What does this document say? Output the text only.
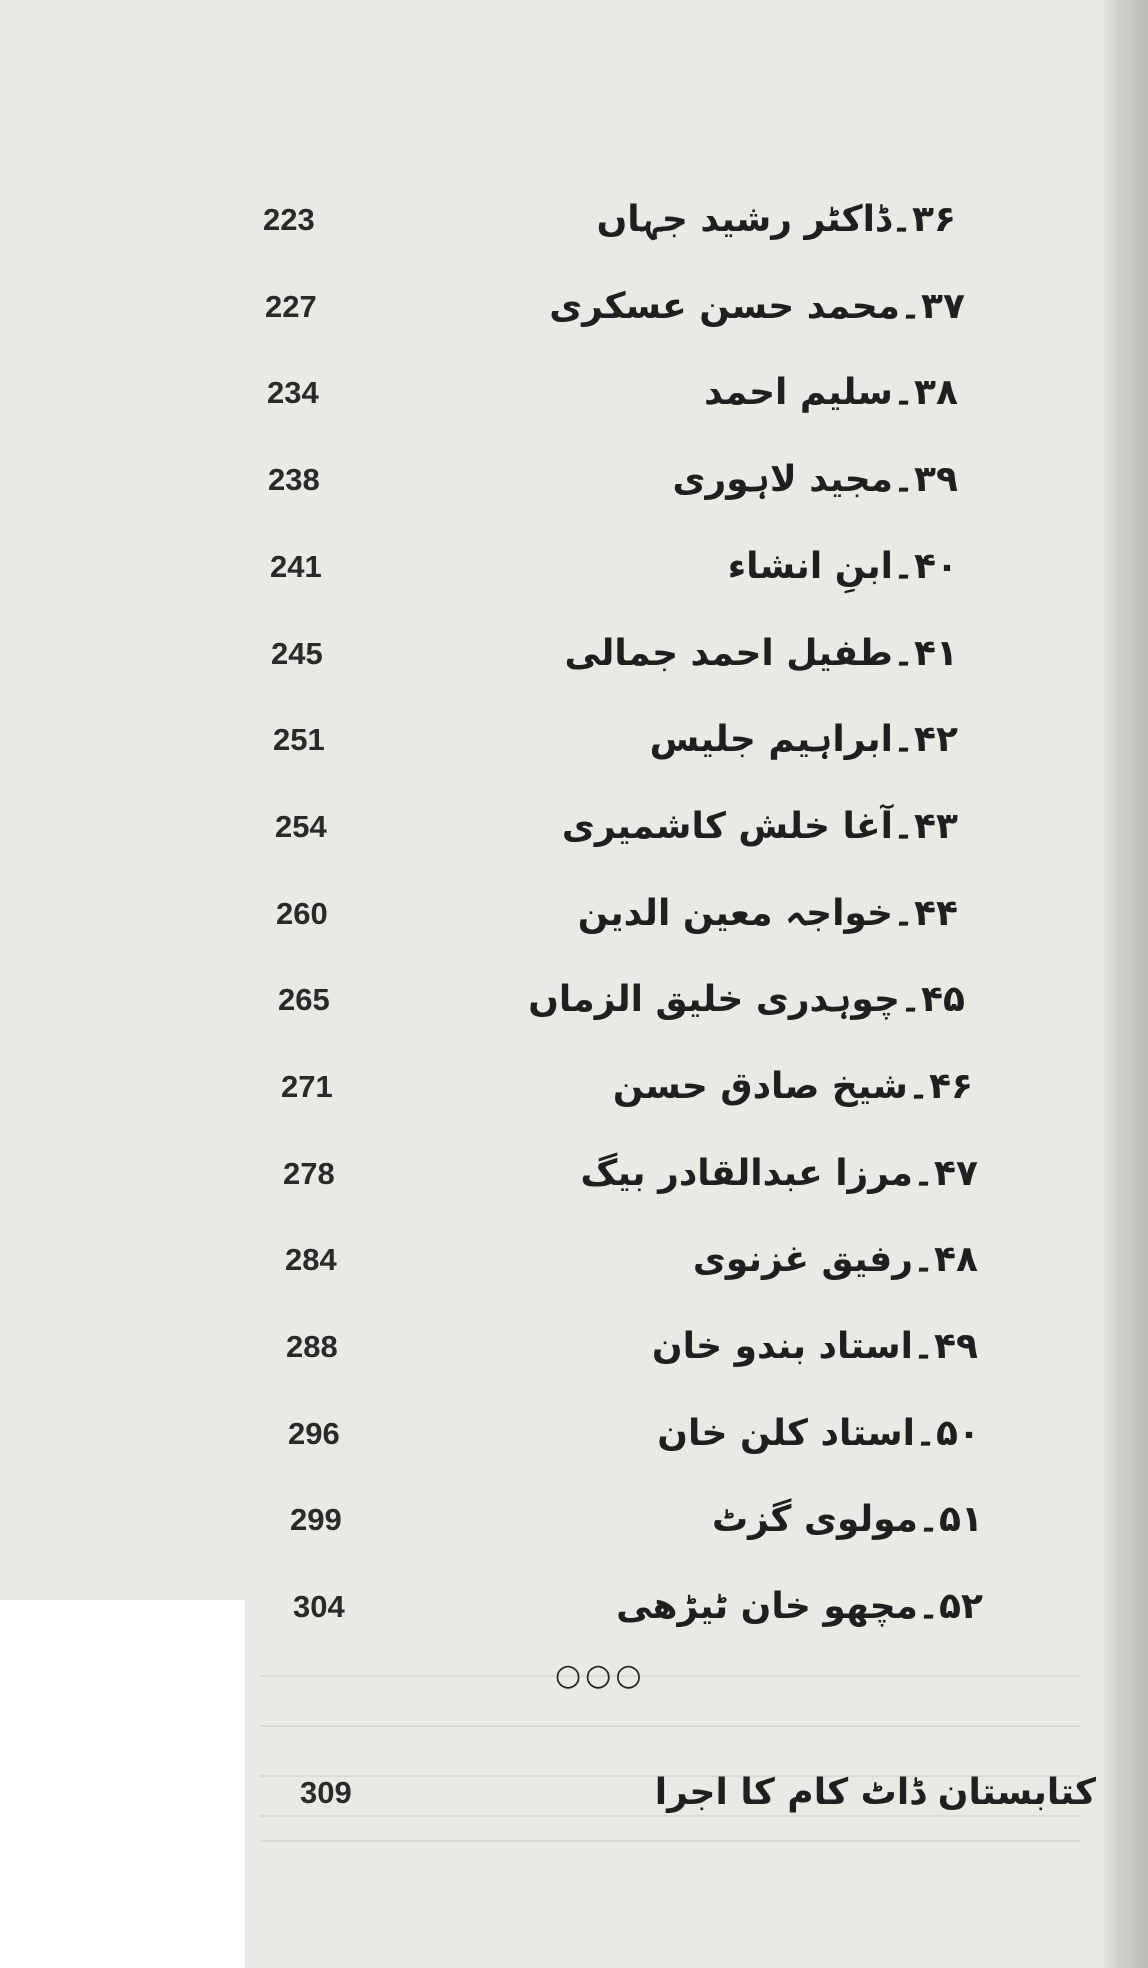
۳۶۔ڈاکٹر رشید جہاں
223
۳۷۔محمد حسن عسکری
227
۳۸۔سلیم احمد
234
۳۹۔مجید لاہوری
238
۴۰۔ابنِ انشاء
241
۴۱۔طفیل احمد جمالی
245
۴۲۔ابراہیم جلیس
251
۴۳۔آغا خلش کاشمیری
254
۴۴۔خواجہ معین الدین
260
۴۵۔چوہدری خلیق الزماں
265
۴۶۔شیخ صادق حسن
271
۴۷۔مرزا عبدالقادر بیگ
278
۴۸۔رفیق غزنوی
284
۴۹۔استاد بندو خان
288
۵۰۔استاد کلن خان
296
۵۱۔مولوی گزٹ
299
۵۲۔مچھو خان ٹیڑھی
304
○○○
کتابستان ڈاٹ کام کا اجرا
309
